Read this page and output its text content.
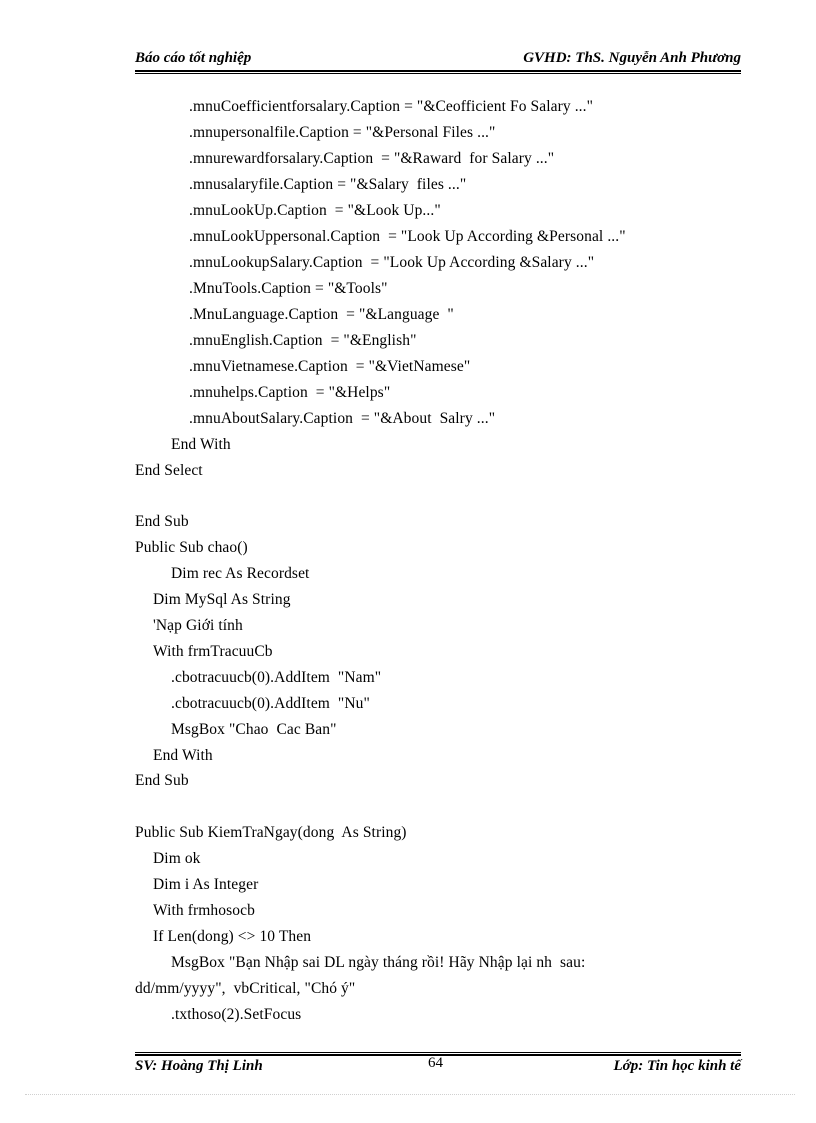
Báo cáo tốt nghiệp	GVHD: ThS. Nguyễn Anh Phương
.mnuCoefficientforsalary.Caption = "&Ceofficient Fo Salary ..."
.mnupersonalfile.Caption = "&Personal Files ..."
.mnurewardforsalary.Caption  = "&Raward  for Salary ..."
.mnusalaryfile.Caption = "&Salary  files ..."
.mnuLookUp.Caption  = "&Look Up..."
.mnuLookUppersonal.Caption  = "Look Up According &Personal ..."
.mnuLookupSalary.Caption  = "Look Up According &Salary ..."
.MnuTools.Caption = "&Tools"
.MnuLanguage.Caption  = "&Language  "
.mnuEnglish.Caption  = "&English"
.mnuVietnamese.Caption  = "&VietNamese"
.mnuhelps.Caption  = "&Helps"
.mnuAboutSalary.Caption  = "&About  Salry ..."
End With
End Select
End Sub
Public Sub chao()
Dim rec As Recordset
Dim MySql As String
'Nạp Giới tính
With frmTracuuCb
.cbotracuucb(0).AddItem  "Nam"
.cbotracuucb(0).AddItem  "Nu"
MsgBox "Chao  Cac Ban"
End With
End Sub
Public Sub KiemTraNgay(dong  As String)
Dim ok
Dim i As Integer
With frmhosocb
If Len(dong) <> 10 Then
MsgBox "Bạn Nhập sai DL ngày tháng rồi! Hãy Nhập lại nh  sau:
dd/mm/yyyy",  vbCritical, "Chó ý"
.txthoso(2).SetFocus
SV: Hoàng Thị Linh	64	Lớp: Tin học kinh tế
